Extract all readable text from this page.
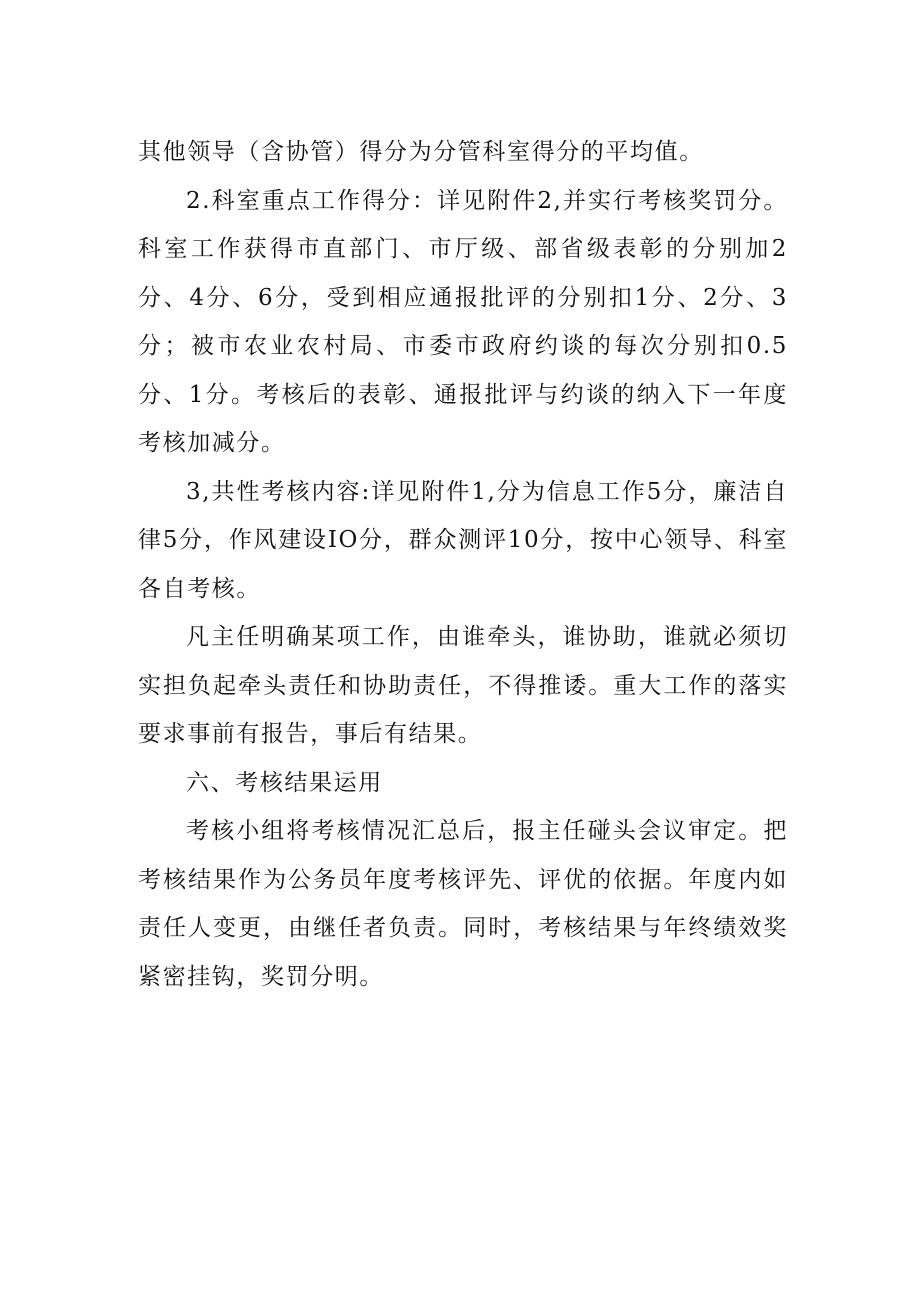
其他领导（含协管）得分为分管科室得分的平均值。

2.科室重点工作得分：详见附件2,并实行考核奖罚分。科室工作获得市直部门、市厅级、部省级表彰的分别加2分、4分、6分，受到相应通报批评的分别扣1分、2分、3分；被市农业农村局、市委市政府约谈的每次分别扣0.5分、1分。考核后的表彰、通报批评与约谈的纳入下一年度考核加减分。

3,共性考核内容:详见附件1,分为信息工作5分，廉洁自律5分，作风建设IO分，群众测评10分，按中心领导、科室各自考核。

凡主任明确某项工作，由谁牵头，谁协助，谁就必须切实担负起牵头责任和协助责任，不得推诿。重大工作的落实要求事前有报告，事后有结果。

六、考核结果运用

考核小组将考核情况汇总后，报主任碰头会议审定。把考核结果作为公务员年度考核评先、评优的依据。年度内如责任人变更，由继任者负责。同时，考核结果与年终绩效奖紧密挂钩，奖罚分明。
